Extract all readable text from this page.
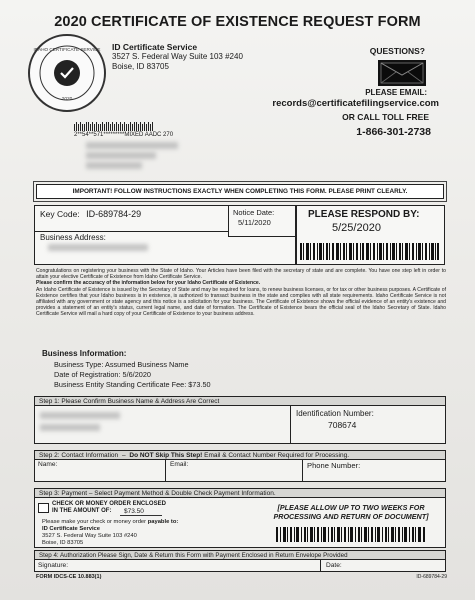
2020 CERTIFICATE OF EXISTENCE REQUEST FORM
IDAHO CERTIFICATE SERVICE
2020
ID Certificate Service
3527 S. Federal Way Suite 103 #240
Boise, ID 83705
QUESTIONS?
PLEASE EMAIL:
records@certificatefilingservice.com
OR CALL TOLL FREE
1-866-301-2738
2**54**571*********MIXED AADC 270
IMPORTANT! FOLLOW INSTRUCTIONS EXACTLY WHEN COMPLETING THIS FORM. PLEASE PRINT CLEARLY.
Key Code: ID-689784-29	Notice Date:
5/11/2020
Business Address:
PLEASE RESPOND BY:
5/25/2020

Congratulations on registering your business with the State of Idaho. Your Articles have been filed with the secretary of state and are complete. You have one step left in order to attain your elective Certificate of Existence from Idaho Certificate Service.

Please confirm the accuracy of the information below for your Idaho Certificate of Existence.

An Idaho Certificate of Existence is issued by the Secretary of State and may be required for loans, to renew business licenses, or for tax or other business purposes. A Certificate of Existence certifies that your Idaho business is in existence, is authorized to transact business in the state and complies with all state requirements. Idaho Certificate Service is not affiliated with any government or state agency and this notice is a solicitation for your business. The Certificate of Existence shows the official evidence of an entity's existence and provides a statement of an entity's status, current legal name, and date of formation. The Certificate of Existence bears the official seal of the Idaho Secretary of State. Idaho Certificate Service will mail a hard copy of your Certificate of Existence to your business address.

Business Information:
Business Type: Assumed Business Name
Date of Registration: 5/6/2020
Business Entity Standing Certificate Fee: $73.50
Step 1: Please Confirm Business Name & Address Are Correct
Identification Number:
708674
Step 2: Contact Information – Do NOT Skip This Step! Email & Contact Number Required for Processing.
Name:	Email:	Phone Number:
Step 3: Payment – Select Payment Method & Double Check Payment Information.
CHECK OR MONEY ORDER ENCLOSED
IN THE AMOUNT OF:	$73.50
Please make your check or money order payable to:
ID Certificate Service
3527 S. Federal Way Suite 103 #240
Boise, ID 83705
[PLEASE ALLOW UP TO TWO WEEKS FOR
PROCESSING AND RETURN OF DOCUMENT]
Step 4: Authorization Please Sign, Date & Return this Form with Payment Enclosed in Return Envelope Provided
Signature:	Date:
FORM IDCS-CE 10.883(1)	ID-689784-29
